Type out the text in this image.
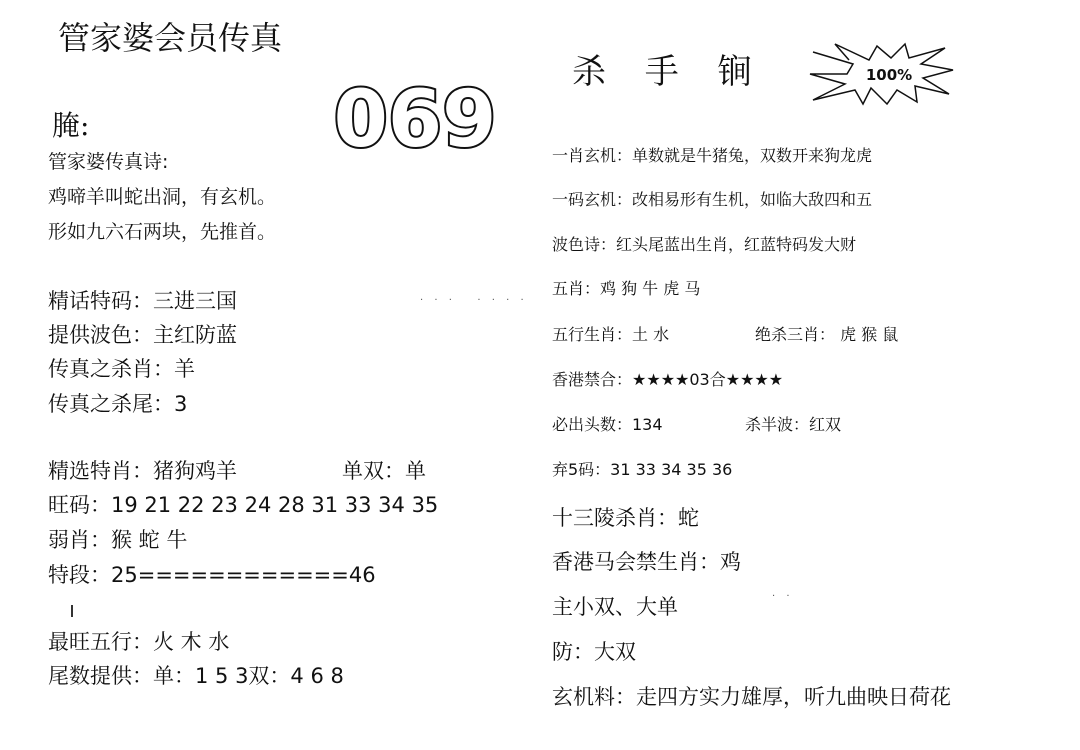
管家婆会员传真
腌:	069
杀 手 锏	100%
管家婆传真诗:
鸡啼羊叫蛇出洞，有玄机。
形如九六石两块，先推首。
精话特码：三进三国	· · ·   · · · ·
提供波色：主红防蓝
传真之杀肖：羊
传真之杀尾：3
精选特肖：猪狗鸡羊	单双：单
旺码：19 21 22 23 24 28 31 33 34 35
弱肖：猴 蛇 牛
特段：25============46
最旺五行：火 木 水
尾数提供：单：1 5 3双：4 6 8
一肖玄机：单数就是牛猪兔，双数开来狗龙虎
一码玄机：改相易形有生机，如临大敌四和五
波色诗：红头尾蓝出生肖，红蓝特码发大财
五肖：鸡 狗 牛 虎 马
五行生肖：土 水	绝杀三肖： 虎 猴 鼠
香港禁合：★★★★03合★★★★
必出头数：134	杀半波：红双
弃5码：31 33 34 35 36
十三陵杀肖：蛇
香港马会禁生肖：鸡
主小双、大单	· ·
防：大双
玄机料：走四方实力雄厚，听九曲映日荷花
